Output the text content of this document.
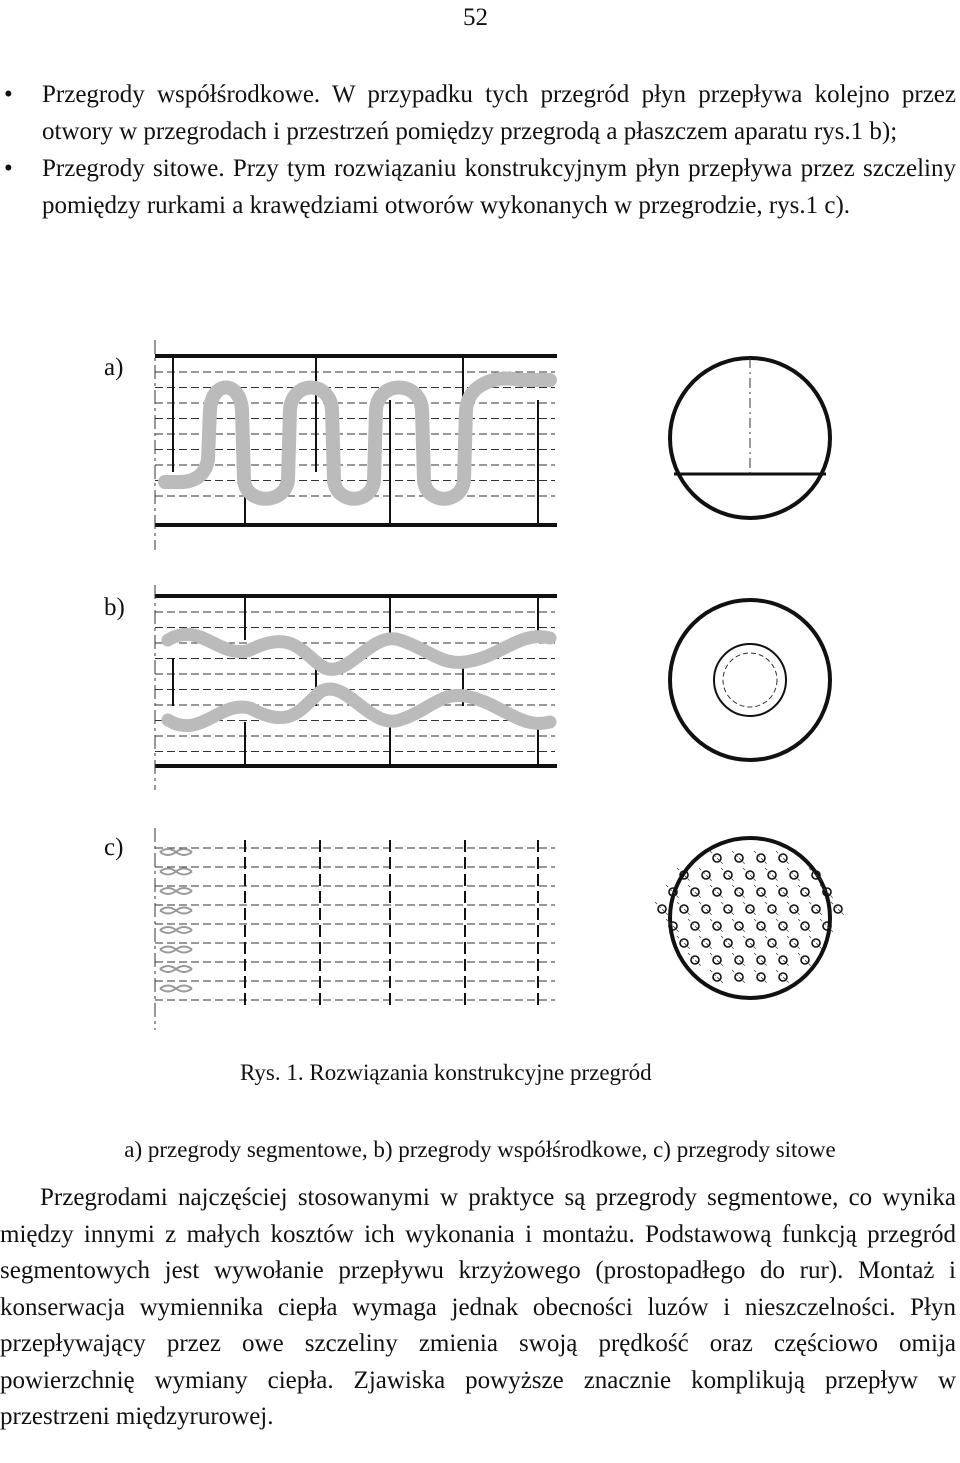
52
• Przegrody współśrodkowe. W przypadku tych przegród płyn przepływa kolejno przez otwory w przegrodach i przestrzeń pomiędzy przegrodą a płaszczem aparatu rys.1 b);
• Przegrody sitowe. Przy tym rozwiązaniu konstrukcyjnym płyn przepływa przez szczeliny pomiędzy rurkami a krawędziami otworów wykonanych w przegrodzie, rys.1 c).
a)
b)
c)
Rys. 1. Rozwiązania konstrukcyjne przegród
a) przegrody segmentowe, b) przegrody współśrodkowe, c) przegrody sitowe

Przegrodami najczęściej stosowanymi w praktyce są przegrody segmentowe, co wynika między innymi z małych kosztów ich wykonania i montażu. Podstawową funkcją przegród segmentowych jest wywołanie przepływu krzyżowego (prostopadłego do rur). Montaż i konserwacja wymiennika ciepła wymaga jednak obecności luzów i nieszczelności. Płyn przepływający przez owe szczeliny zmienia swoją prędkość oraz częściowo omija powierzchnię wymiany ciepła. Zjawiska powyższe znacznie komplikują przepływ w przestrzeni międzyrurowej.
